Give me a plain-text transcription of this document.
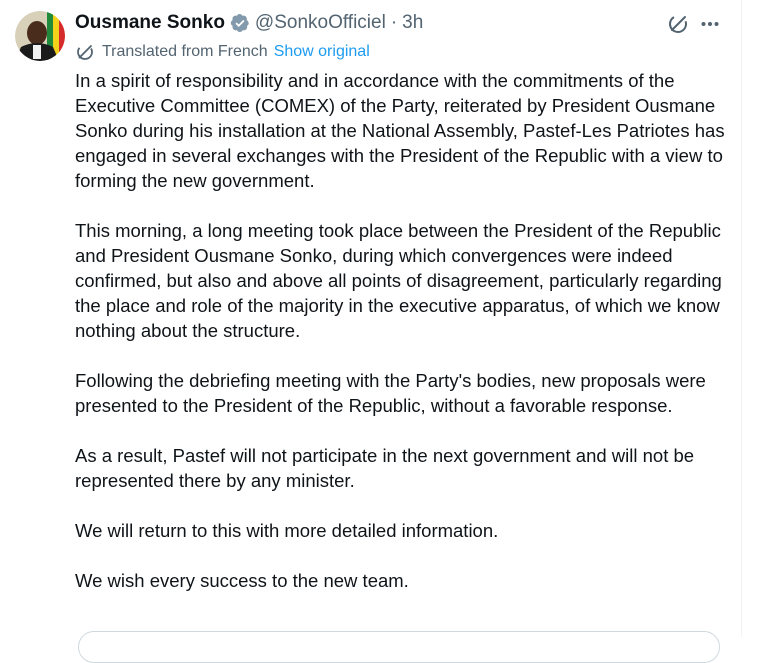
Ousmane Sonko @SonkoOfficiel · 3h
Translated from French Show original

In a spirit of responsibility and in accordance with the commitments of the Executive Committee (COMEX) of the Party, reiterated by President Ousmane Sonko during his installation at the National Assembly, Pastef-Les Patriotes has engaged in several exchanges with the President of the Republic with a view to forming the new government.

This morning, a long meeting took place between the President of the Republic and President Ousmane Sonko, during which convergences were indeed confirmed, but also and above all points of disagreement, particularly regarding the place and role of the majority in the executive apparatus, of which we know nothing about the structure.

Following the debriefing meeting with the Party's bodies, new proposals were presented to the President of the Republic, without a favorable response.

As a result, Pastef will not participate in the next government and will not be represented there by any minister.

We will return to this with more detailed information.

We wish every success to the new team.
